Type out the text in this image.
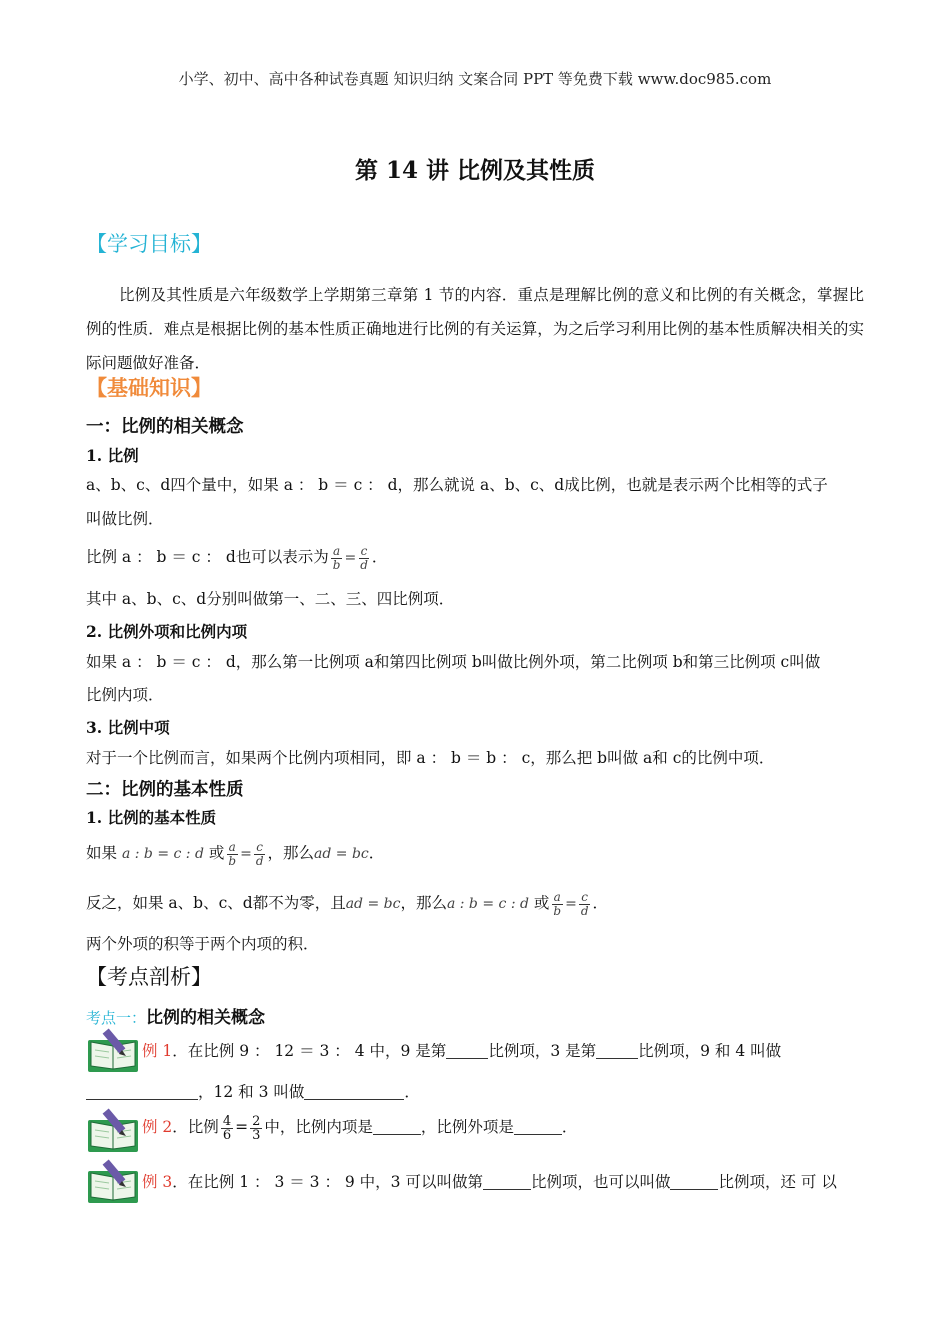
小学、初中、高中各种试卷真题 知识归纳 文案合同 PPT 等免费下载 www.doc985.com
第 14 讲 比例及其性质
【学习目标】
比例及其性质是六年级数学上学期第三章第 1 节的内容．重点是理解比例的意义和比例的有关概念，掌握比例的性质．难点是根据比例的基本性质正确地进行比例的有关运算，为之后学习利用比例的基本性质解决相关的实际问题做好准备．
【基础知识】
一：比例的相关概念
1. 比例
a、b、c、d四个量中，如果 a ： b ＝ c ： d，那么就说 a、b、c、d成比例，也就是表示两个比相等的式子
叫做比例．
比例 a ： b ＝ c ： d也可以表示为 $\frac{a}{b} = \frac{c}{d}$ ．
其中 a、b、c、d分别叫做第一、二、三、四比例项．
2. 比例外项和比例内项
如果 a ： b ＝ c ： d，那么第一比例项 a和第四比例项 b叫做比例外项，第二比例项 b和第三比例项 c叫做
比例内项．
3. 比例中项
对于一个比例而言，如果两个比例内项相同，即 a ： b ＝ b ： c，那么把 b叫做 a和 c的比例中项．
二：比例的基本性质
1. 比例的基本性质
如果 a : b = c : d 或 $\frac{a}{b} = \frac{c}{d}$ ，那么ad = bc．
反之，如果 a、b、c、d都不为零，且ad = bc，那么a : b = c : d 或 $\frac{a}{b} = \frac{c}{d}$ ．
两个外项的积等于两个内项的积．
【考点剖析】
考点一：比例的相关概念
例 1．在比例 9 ： 12 ＝ 3 ： 4 中，9 是第	比例项，3 是第	比例项，9 和 4 叫做
，12 和 3 叫做	．
例 2．比例 $\frac{4}{6} = \frac{2}{3}$ 中，比例内项是	，比例外项是	．
例 3．在比例 1 ： 3 ＝ 3 ： 9 中，3 可以叫做第	比例项，也可以叫做	比例项，还 可 以
